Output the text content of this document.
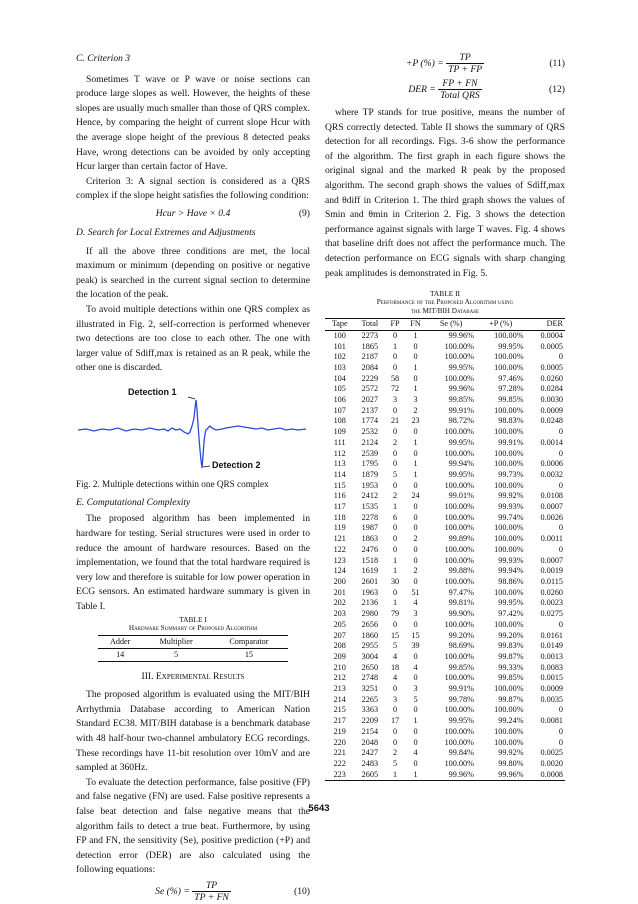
C. Criterion 3

Sometimes T wave or P wave or noise sections can produce large slopes as well. However, the heights of these slopes are usually much smaller than those of QRS complex. Hence, by comparing the height of current slope Hcur with the average slope height of the previous 8 detected peaks Have, wrong detections can be avoided by only accepting Hcur larger than certain factor of Have.

Criterion 3: A signal section is considered as a QRS complex if the slope height satisfies the following condition:

Hcur > Have × 0.4	(9)

D. Search for Local Extremes and Adjustments

If all the above three conditions are met, the local maximum or minimum (depending on positive or negative peak) is searched in the current signal section to determine the location of the peak.

To avoid multiple detections within one QRS complex as illustrated in Fig. 2, self-correction is performed whenever two detections are too close to each other. The one with larger value of Sdiff,max is retained as an R peak, while the other one is discarded.

Detection 1
Detection 2

Fig. 2. Multiple detections within one QRS complex

E. Computational Complexity

The proposed algorithm has been implemented in hardware for testing. Serial structures were used in order to reduce the amount of hardware resources. Based on the implementation, we found that the total hardware required is very low and therefore is suitable for low power operation in ECG sensors. An estimated hardware summary is given in Table I.

TABLE I

Hardware Summary of Proposed Algorithm

Adder	Multiplier	Comparator
14	5	15

III. Experimental Results

The proposed algorithm is evaluated using the MIT/BIH Arrhythmia Database according to American Nation Standard EC38. MIT/BIH database is a benchmark database with 48 half-hour two-channel ambulatory ECG recordings. These recordings have 11-bit resolution over 10mV and are sampled at 360Hz.

To evaluate the detection performance, false positive (FP) and false negative (FN) are used. False positive represents a false beat detection and false negative means that the algorithm fails to detect a true beat. Furthermore, by using FP and FN, the sensitivity (Se), positive prediction (+P) and detection error (DER) are also calculated using the following equations:

Se (%) = $\frac{TP}{TP + FN}$	(10)
+P (%) = $\frac{TP}{TP + FP}$	(11)
DER = $\frac{FP + FN}{\text{Total QRS}}$	(12)

where TP stands for true positive, means the number of QRS correctly detected. Table II shows the summary of QRS detection for all recordings. Figs. 3-6 show the performance of the algorithm. The first graph in each figure shows the original signal and the marked R peak by the proposed algorithm. The second graph shows the values of Sdiff,max and θdiff in Criterion 1. The third graph shows the values of Smin and θmin in Criterion 2. Fig. 3 shows the detection performance against signals with large T waves. Fig. 4 shows that baseline drift does not affect the performance much. The detection performance on ECG signals with sharp changing peak amplitudes is demonstrated in Fig. 5.

TABLE II

Performance of the Proposed Algorithm using

the MIT/BIH Database

Tape	Total	FP	FN	Se (%)	+P (%)	DER
100	2273	0	1	99.96%	100.00%	0.0004
101	1865	1	0	100.00%	99.95%	0.0005
102	2187	0	0	100.00%	100.00%	0
103	2084	0	1	99.95%	100.00%	0.0005
104	2229	58	0	100.00%	97.46%	0.0260
105	2572	72	1	99.96%	97.28%	0.0284
106	2027	3	3	99.85%	99.85%	0.0030
107	2137	0	2	99.91%	100.00%	0.0009
108	1774	21	23	98.72%	98.83%	0.0248
109	2532	0	0	100.00%	100.00%	0
111	2124	2	1	99.95%	99.91%	0.0014
112	2539	0	0	100.00%	100.00%	0
113	1795	0	1	99.94%	100.00%	0.0006
114	1879	5	1	99.95%	99.73%	0.0032
115	1953	0	0	100.00%	100.00%	0
116	2412	2	24	99.01%	99.92%	0.0108
117	1535	1	0	100.00%	99.93%	0.0007
118	2278	6	0	100.00%	99.74%	0.0026
119	1987	0	0	100.00%	100.00%	0
121	1863	0	2	99.89%	100.00%	0.0011
122	2476	0	0	100.00%	100.00%	0
123	1518	1	0	100.00%	99.93%	0.0007
124	1619	1	2	99.88%	99.94%	0.0019
200	2601	30	0	100.00%	98.86%	0.0115
201	1963	0	51	97.47%	100.00%	0.0260
202	2136	1	4	99.81%	99.95%	0.0023
203	2980	79	3	99.90%	97.42%	0.0275
205	2656	0	0	100.00%	100.00%	0
207	1860	15	15	99.20%	99.20%	0.0161
208	2955	5	39	98.69%	99.83%	0.0149
209	3004	4	0	100.00%	99.87%	0.0013
210	2650	18	4	99.85%	99.33%	0.0083
212	2748	4	0	100.00%	99.85%	0.0015
213	3251	0	3	99.91%	100.00%	0.0009
214	2265	3	5	99.78%	99.87%	0.0035
215	3363	0	0	100.00%	100.00%	0
217	2209	17	1	99.95%	99.24%	0.0081
219	2154	0	0	100.00%	100.00%	0
220	2048	0	0	100.00%	100.00%	0
221	2427	2	4	99.84%	99.92%	0.0025
222	2483	5	0	100.00%	99.80%	0.0020
223	2605	1	1	99.96%	99.96%	0.0008
5643
